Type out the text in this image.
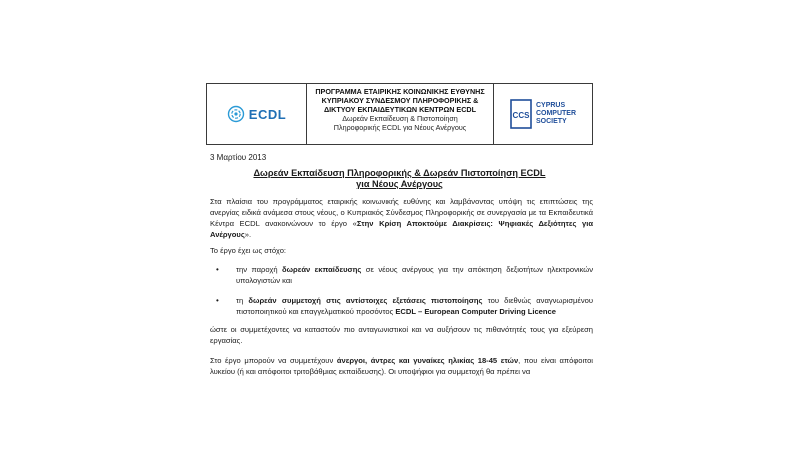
ECDL
ΠΡΟΓΡΑΜΜΑ ΕΤΑΙΡΙΚΗΣ ΚΟΙΝΩΝΙΚΗΣ ΕΥΘΥΝΗΣ
ΚΥΠΡΙΑΚΟΥ ΣΥΝΔΕΣΜΟΥ ΠΛΗΡΟΦΟΡΙΚΗΣ &
ΔΙΚΤΥΟΥ ΕΚΠΑΙΔΕΥΤΙΚΩΝ ΚΕΝΤΡΩΝ ECDL
Δωρεάν Εκπαίδευση & Πιστοποίηση
Πληροφορικής ECDL για Νέους Ανέργους
CCS
CYPRUS
COMPUTER
SOCIETY
3 Μαρτίου 2013
Δωρεάν Εκπαίδευση Πληροφορικής & Δωρεάν Πιστοποίηση ECDL
για Νέους Ανέργους
Στα πλαίσια του προγράμματος εταιρικής κοινωνικής ευθύνης και λαμβάνοντας υπόψη τις επιπτώσεις της ανεργίας ειδικά ανάμεσα στους νέους, ο Κυπριακός Σύνδεσμος Πληροφορικής σε συνεργασία με τα Εκπαιδευτικά Κέντρα ECDL ανακοινώνουν το έργο «Στην Κρίση Αποκτούμε Διακρίσεις: Ψηφιακές Δεξιότητες για Ανέργους».
Το έργο έχει ως στόχο:
•	την παροχή δωρεάν εκπαίδευσης σε νέους ανέργους για την απόκτηση δεξιοτήτων ηλεκτρονικών υπολογιστών και
•	τη δωρεάν συμμετοχή στις αντίστοιχες εξετάσεις πιστοποίησης του διεθνώς αναγνωρισμένου πιστοποιητικού και επαγγελματικού προσόντος ECDL – European Computer Driving Licence
ώστε οι συμμετέχοντες να καταστούν πιο ανταγωνιστικοί και να αυξήσουν τις πιθανότητές τους για εξεύρεση εργασίας.
Στο έργο μπορούν να συμμετέχουν άνεργοι, άντρες και γυναίκες ηλικίας 18-45 ετών, που είναι απόφοιτοι λυκείου (ή και απόφοιτοι τριτοβάθμιας εκπαίδευσης). Οι υποψήφιοι για συμμετοχή θα πρέπει να
